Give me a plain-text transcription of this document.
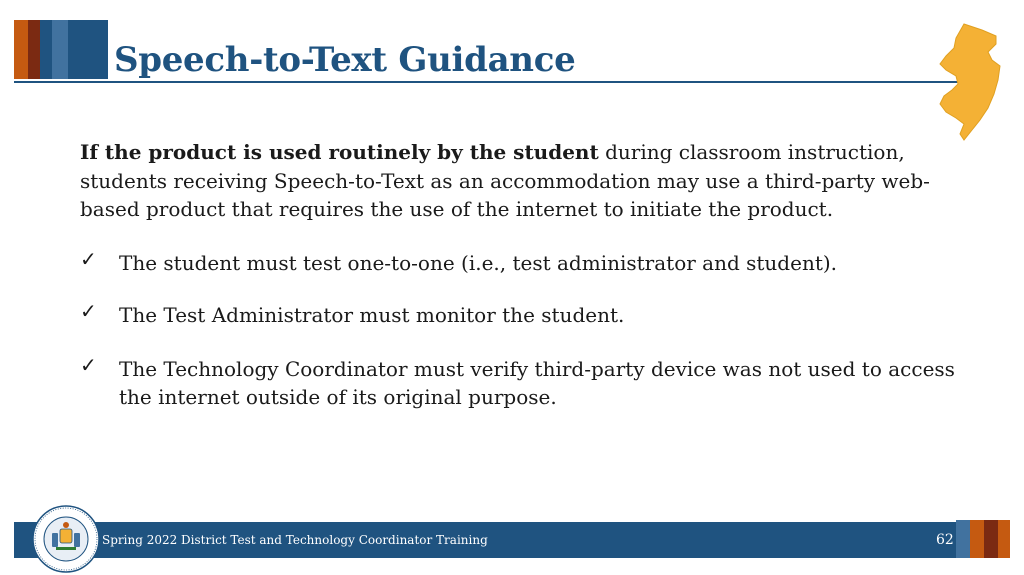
Speech-to-Text Guidance

If the product is used routinely by the student during classroom instruction, students receiving Speech-to-Text as an accommodation may use a third-party web-based product that requires the use of the internet to initiate the product.

✓ The student must test one-to-one (i.e., test administrator and student).
✓ The Test Administrator must monitor the student.
✓ The Technology Coordinator must verify third-party device was not used to access the internet outside of its original purpose.
Spring 2022 District Test and Technology Coordinator Training	62
